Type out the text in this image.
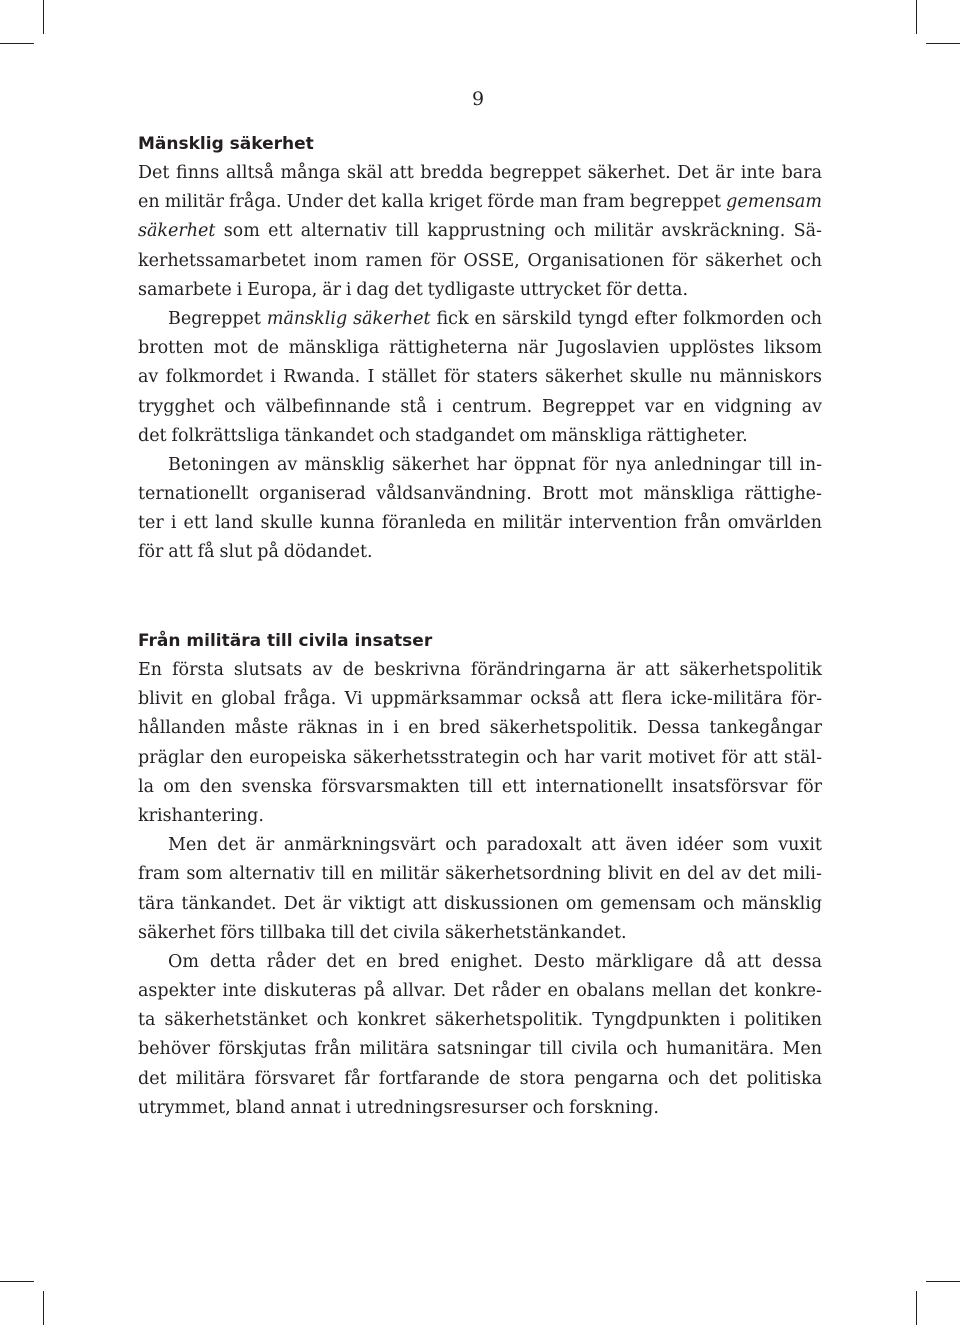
9
Mänsklig säkerhet
Det finns alltså många skäl att bredda begreppet säkerhet. Det är inte bara
en militär fråga. Under det kalla kriget förde man fram begreppet gemensam
säkerhet som ett alternativ till kapprustning och militär avskräckning. Sä-
kerhetssamarbetet inom ramen för OSSE, Organisationen för säkerhet och
samarbete i Europa, är i dag det tydligaste uttrycket för detta.
Begreppet mänsklig säkerhet fick en särskild tyngd efter folkmorden och
brotten mot de mänskliga rättigheterna när Jugoslavien upplöstes liksom
av folkmordet i Rwanda. I stället för staters säkerhet skulle nu människors
trygghet och välbefinnande stå i centrum. Begreppet var en vidgning av
det folkrättsliga tänkandet och stadgandet om mänskliga rättigheter.
Betoningen av mänsklig säkerhet har öppnat för nya anledningar till in-
ternationellt organiserad våldsanvändning. Brott mot mänskliga rättighe-
ter i ett land skulle kunna föranleda en militär intervention från omvärlden
för att få slut på dödandet.
Från militära till civila insatser
En första slutsats av de beskrivna förändringarna är att säkerhetspolitik
blivit en global fråga. Vi uppmärksammar också att flera icke-militära för-
hållanden måste räknas in i en bred säkerhetspolitik. Dessa tankegångar
präglar den europeiska säkerhetsstrategin och har varit motivet för att stäl-
la om den svenska försvarsmakten till ett internationellt insatsförsvar för
krishantering.
Men det är anmärkningsvärt och paradoxalt att även idéer som vuxit
fram som alternativ till en militär säkerhetsordning blivit en del av det mili-
tära tänkandet. Det är viktigt att diskussionen om gemensam och mänsklig
säkerhet förs tillbaka till det civila säkerhetstänkandet.
Om detta råder det en bred enighet. Desto märkligare då att dessa
aspekter inte diskuteras på allvar. Det råder en obalans mellan det konkre-
ta säkerhetstänket och konkret säkerhetspolitik. Tyngdpunkten i politiken
behöver förskjutas från militära satsningar till civila och humanitära. Men
det militära försvaret får fortfarande de stora pengarna och det politiska
utrymmet, bland annat i utredningsresurser och forskning.
